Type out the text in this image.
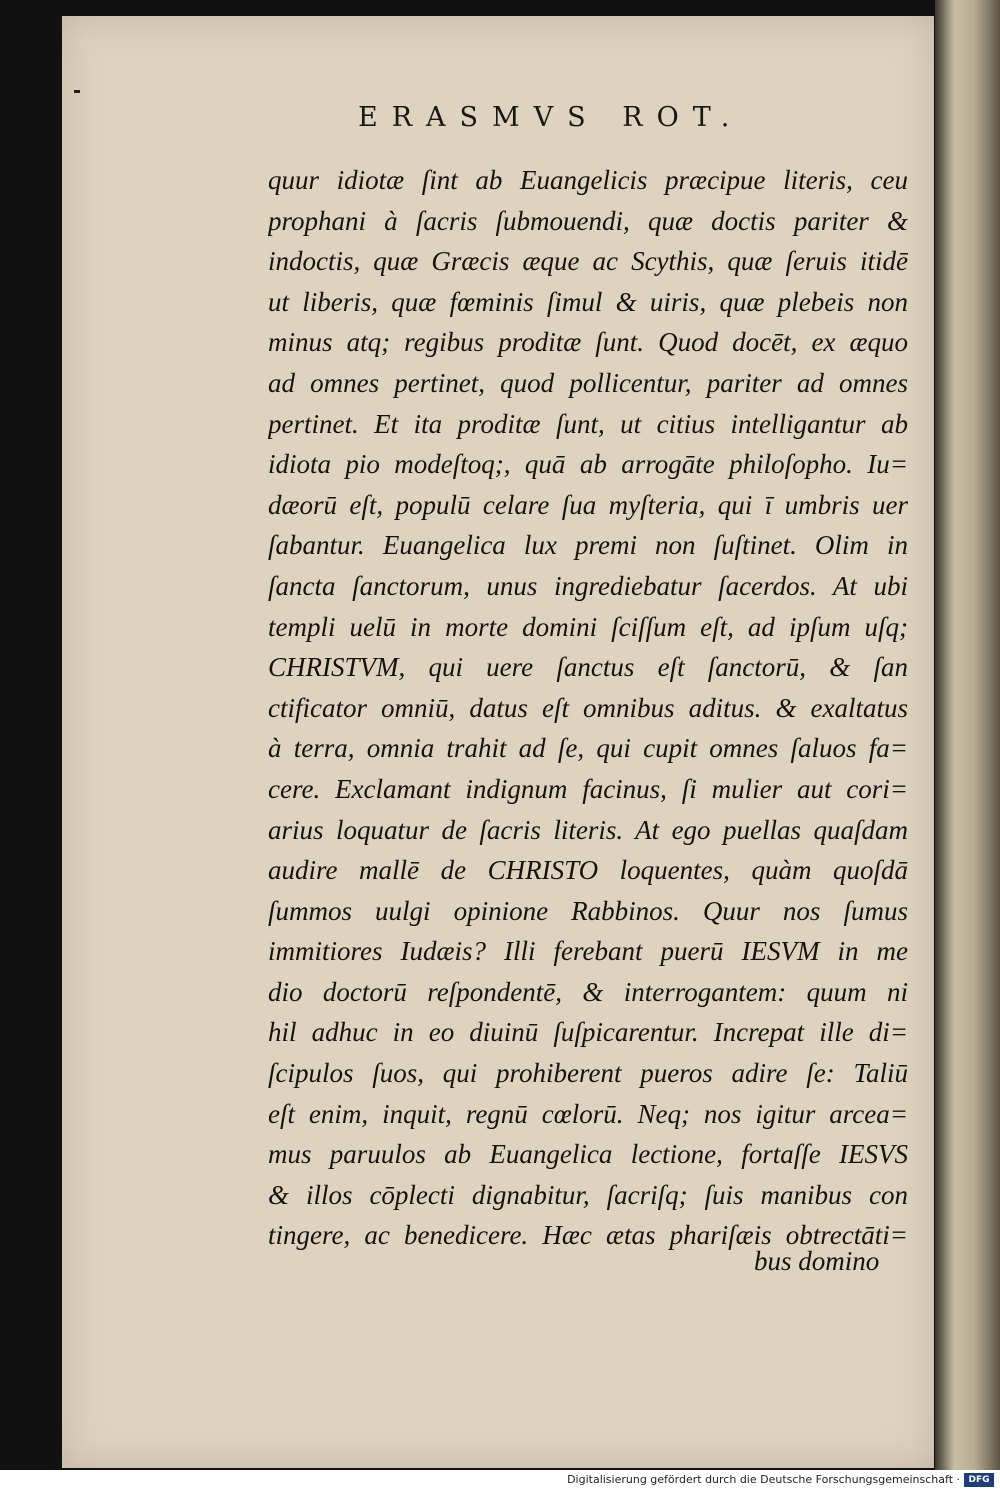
ERASMVS ROT.
quur idiotæ ſint ab Euangelicis præcipue literis, ceu
prophani à ſacris ſubmouendi, quæ doctis pariter &
indoctis, quæ Græcis æque ac Scythis, quæ ſeruis itidē
ut liberis, quæ fœminis ſimul & uiris, quæ plebeis non
minus atq; regibus proditæ ſunt. Quod docēt, ex æquo
ad omnes pertinet, quod pollicentur, pariter ad omnes
pertinet. Et ita proditæ ſunt, ut citius intelligantur ab
idiota pio modeſtoq;, quā ab arrogāte philoſopho. Iu=
dæorū eſt, populū celare ſua myſteria, qui ī umbris uer
ſabantur. Euangelica lux premi non ſuſtinet. Olim in
ſancta ſanctorum, unus ingrediebatur ſacerdos. At ubi
templi uelū in morte domini ſciſſum eſt, ad ipſum uſq;
CHRISTVM, qui uere ſanctus eſt ſanctorū, & ſan
ctificator omniū, datus eſt omnibus aditus. & exaltatus
à terra, omnia trahit ad ſe, qui cupit omnes ſaluos fa=
cere. Exclamant indignum facinus, ſi mulier aut cori=
arius loquatur de ſacris literis. At ego puellas quaſdam
audire mallē de CHRISTO loquentes, quàm quoſdā
ſummos uulgi opinione Rabbinos. Quur nos ſumus
immitiores Iudæis? Illi ferebant puerū IESVM in me
dio doctorū reſpondentē, & interrogantem: quum ni
hil adhuc in eo diuinū ſuſpicarentur. Increpat ille di=
ſcipulos ſuos, qui prohiberent pueros adire ſe: Taliū
eſt enim, inquit, regnū cœlorū. Neq; nos igitur arcea=
mus paruulos ab Euangelica lectione, fortaſſe IESVS
& illos cōplecti dignabitur, ſacriſq; ſuis manibus con
tingere, ac benedicere. Hæc ætas phariſæis obtrectāti=
bus domino
Digitalisierung gefördert durch die Deutsche Forschungsgemeinschaft · DFG
